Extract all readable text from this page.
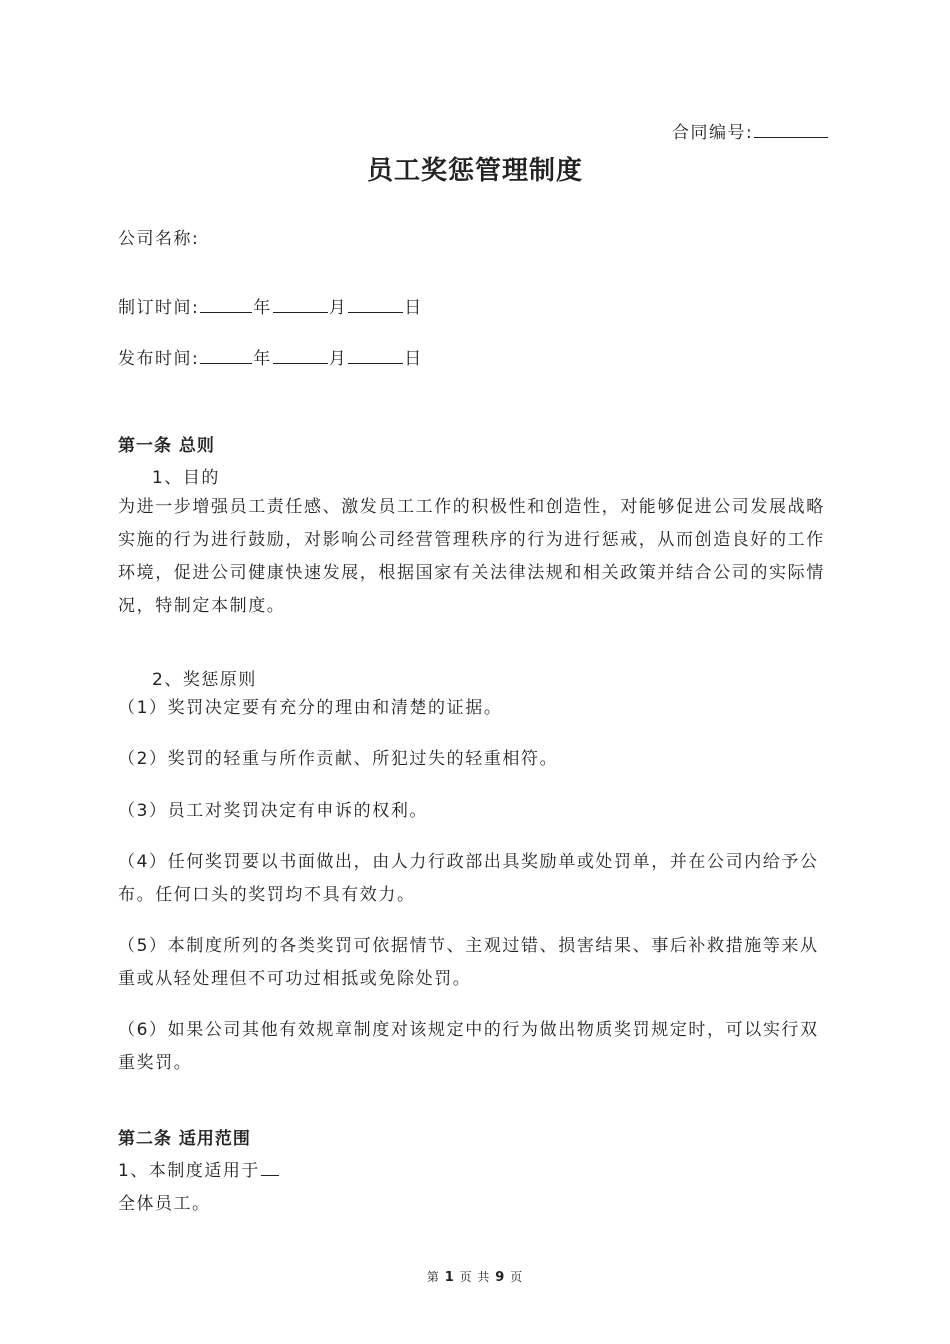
合同编号:
员工奖惩管理制度
公司名称:
制订时间:	年	月	日
发布时间:	年	月	日
第一条 总则
1、目的
为进一步增强员工责任感、激发员工工作的积极性和创造性，对能够促进公司发展战略实施的行为进行鼓励，对影响公司经营管理秩序的行为进行惩戒，从而创造良好的工作环境，促进公司健康快速发展，根据国家有关法律法规和相关政策并结合公司的实际情况，特制定本制度。
2、奖惩原则
（1）奖罚决定要有充分的理由和清楚的证据。
（2）奖罚的轻重与所作贡献、所犯过失的轻重相符。
（3）员工对奖罚决定有申诉的权利。
（4）任何奖罚要以书面做出，由人力行政部出具奖励单或处罚单，并在公司内给予公布。任何口头的奖罚均不具有效力。
（5）本制度所列的各类奖罚可依据情节、主观过错、损害结果、事后补救措施等来从重或从轻处理但不可功过相抵或免除处罚。
（6）如果公司其他有效规章制度对该规定中的行为做出物质奖罚规定时，可以实行双重奖罚。
第二条 适用范围
1、本制度适用于
全体员工。
第 1 页 共 9 页
